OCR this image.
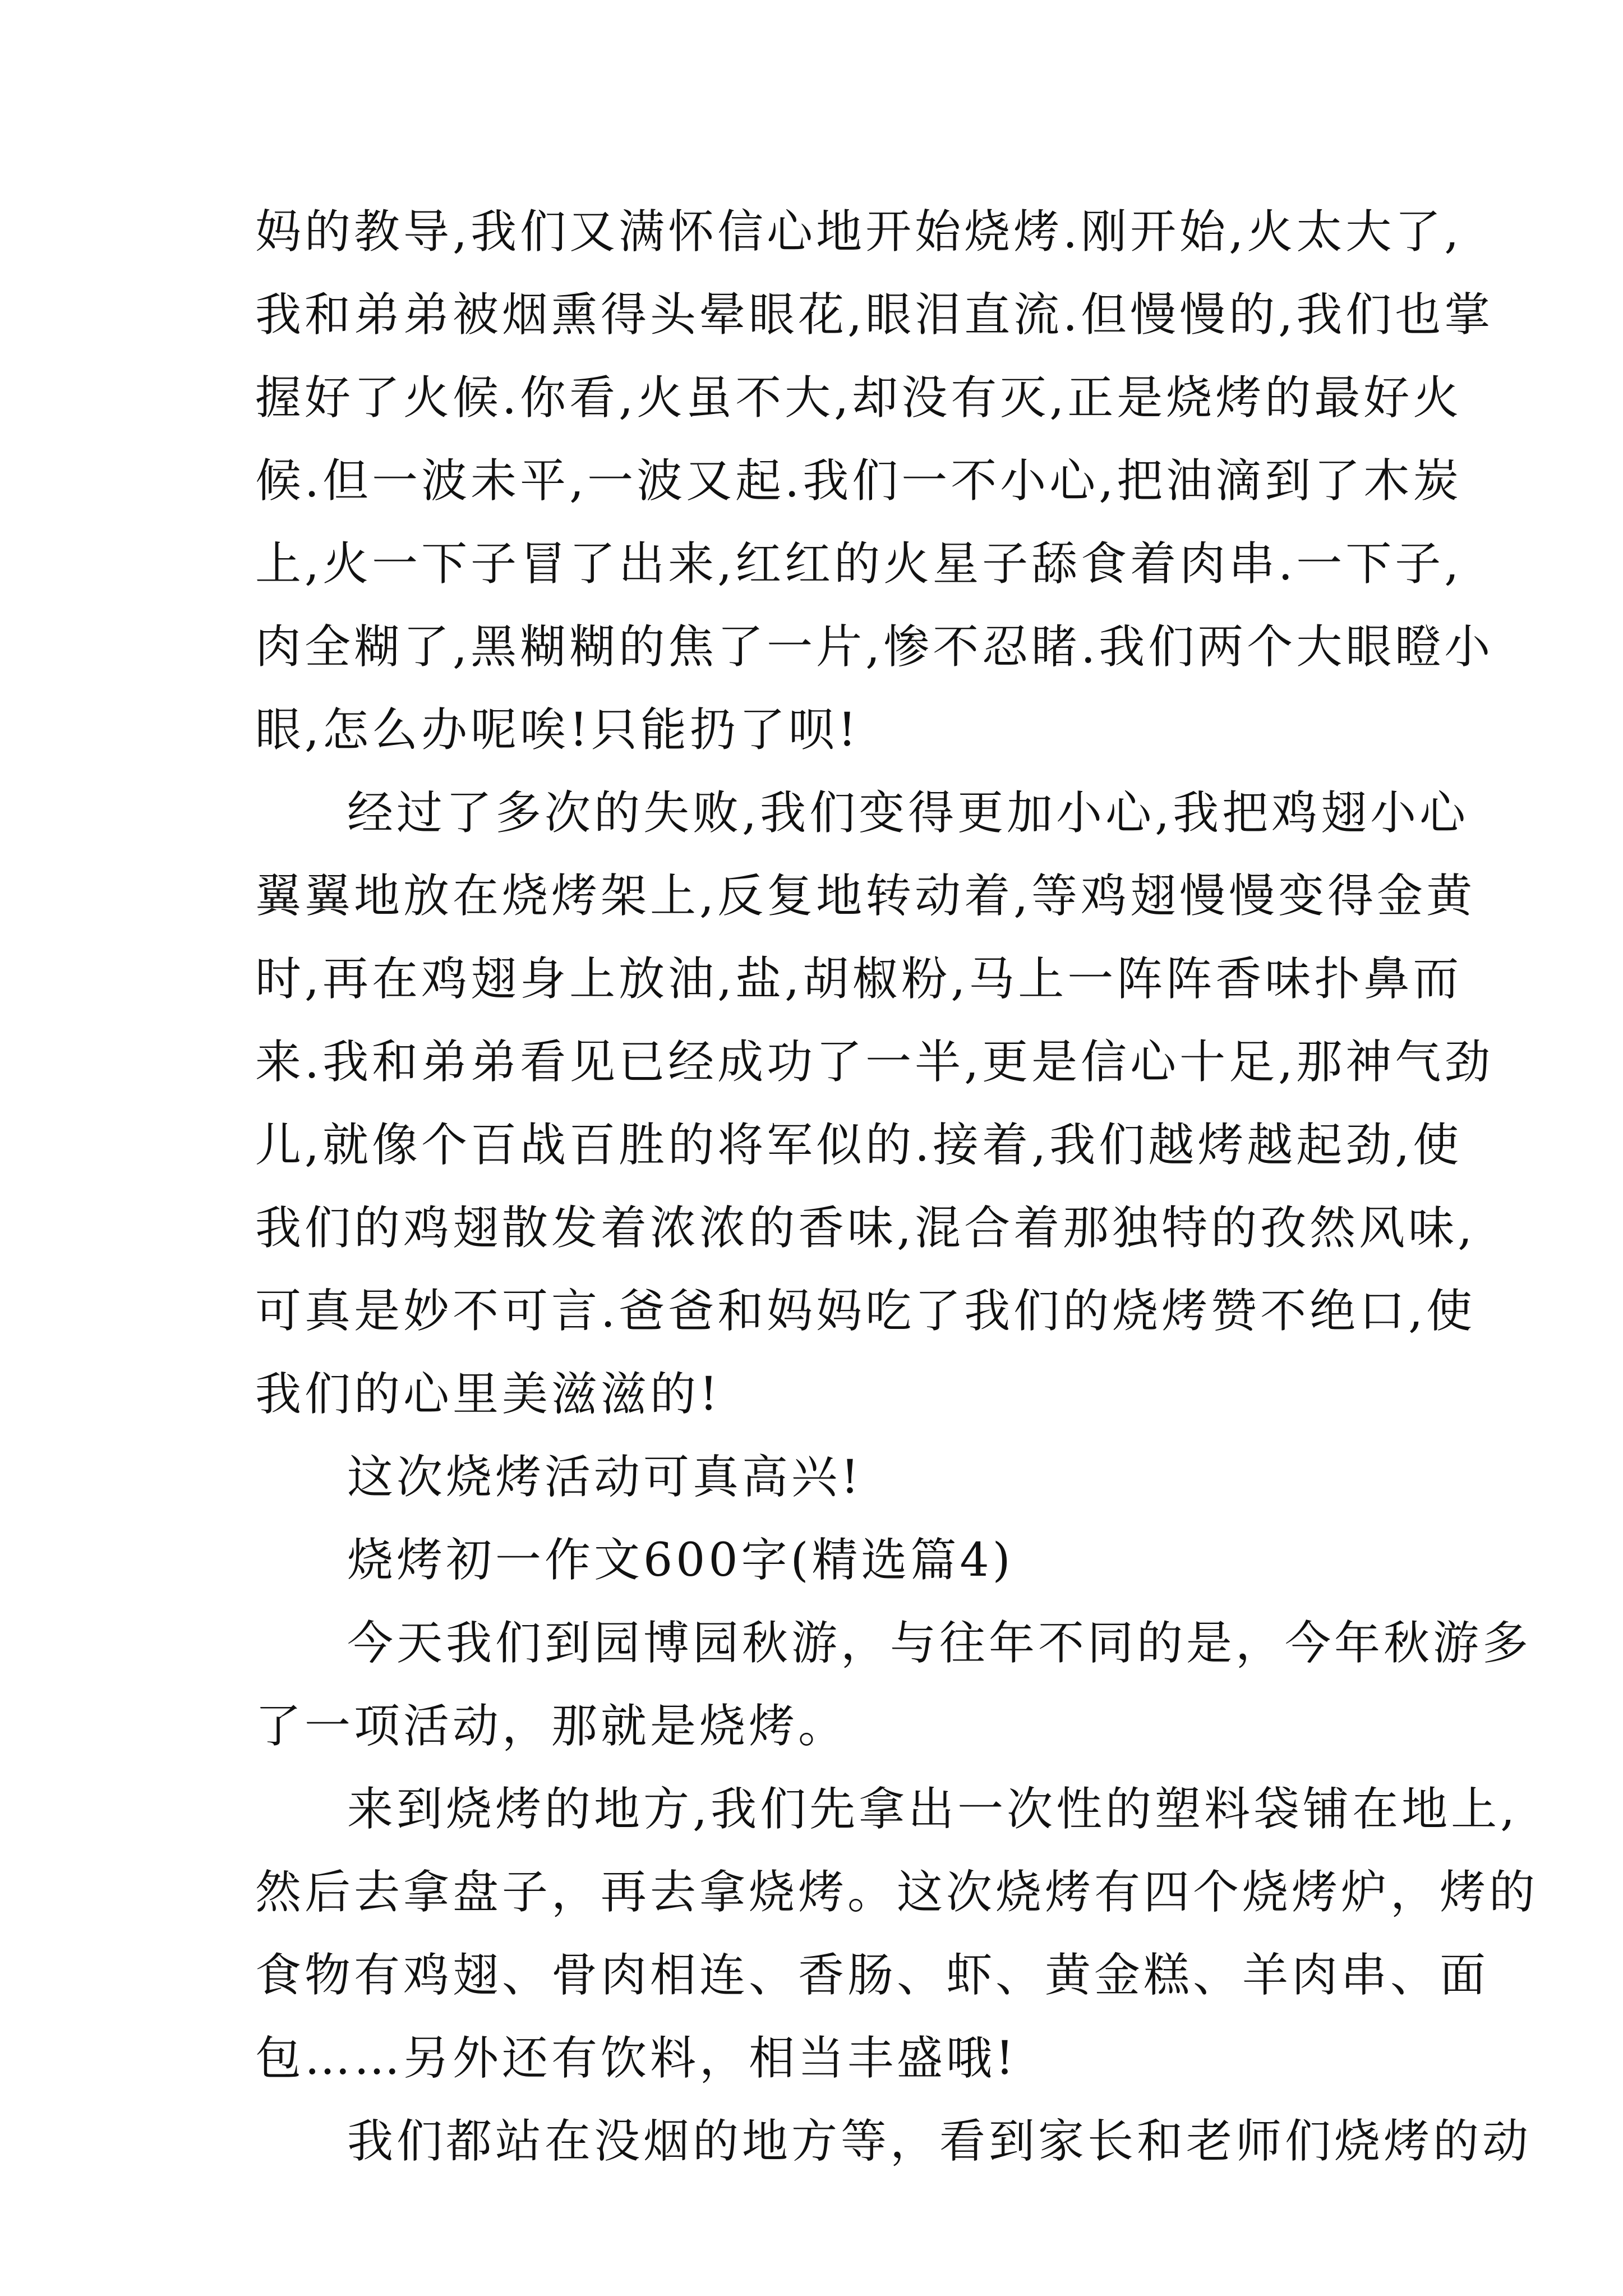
妈的教导,我们又满怀信心地开始烧烤.刚开始,火太大了,
我和弟弟被烟熏得头晕眼花,眼泪直流.但慢慢的,我们也掌
握好了火候.你看,火虽不大,却没有灭,正是烧烤的最好火
候.但一波未平,一波又起.我们一不小心,把油滴到了木炭
上,火一下子冒了出来,红红的火星子舔食着肉串.一下子,
肉全糊了,黑糊糊的焦了一片,惨不忍睹.我们两个大眼瞪小
眼,怎么办呢唉!只能扔了呗!
经过了多次的失败,我们变得更加小心,我把鸡翅小心
翼翼地放在烧烤架上,反复地转动着,等鸡翅慢慢变得金黄
时,再在鸡翅身上放油,盐,胡椒粉,马上一阵阵香味扑鼻而
来.我和弟弟看见已经成功了一半,更是信心十足,那神气劲
儿,就像个百战百胜的将军似的.接着,我们越烤越起劲,使
我们的鸡翅散发着浓浓的香味,混合着那独特的孜然风味,
可真是妙不可言.爸爸和妈妈吃了我们的烧烤赞不绝口,使
我们的心里美滋滋的!
这次烧烤活动可真高兴!
烧烤初一作文600字(精选篇4)
今天我们到园博园秋游，与往年不同的是，今年秋游多
了一项活动，那就是烧烤。
来到烧烤的地方,我们先拿出一次性的塑料袋铺在地上,
然后去拿盘子，再去拿烧烤。这次烧烤有四个烧烤炉，烤的
食物有鸡翅、骨肉相连、香肠、虾、黄金糕、羊肉串、面
包……另外还有饮料，相当丰盛哦!
我们都站在没烟的地方等，看到家长和老师们烧烤的动
